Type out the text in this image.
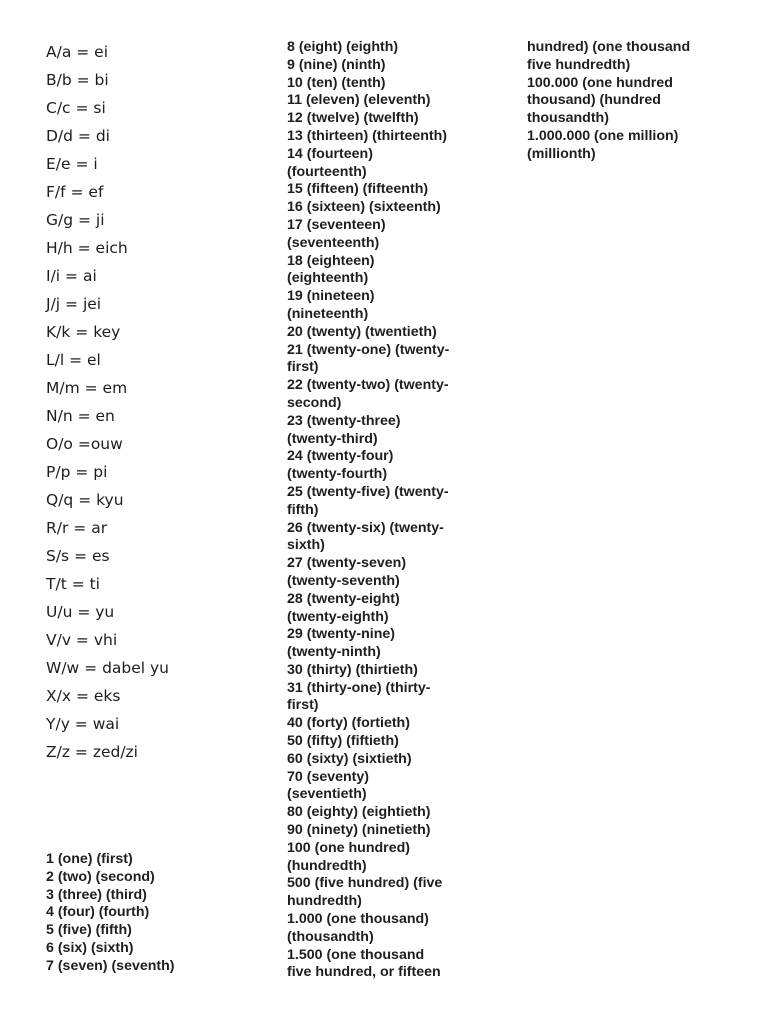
A/a = ei
B/b = bi
C/c = si
D/d = di
E/e = i
F/f = ef
G/g = ji
H/h = eich
I/i = ai
J/j = jei
K/k = key
L/l = el
M/m = em
N/n = en
O/o =ouw
P/p = pi
Q/q = kyu
R/r = ar
S/s = es
T/t = ti
U/u = yu
V/v = vhi
W/w = dabel yu
X/x = eks
Y/y = wai
Z/z = zed/zi
1 (one) (first)
2 (two) (second)
3 (three) (third)
4 (four) (fourth)
5 (five) (fifth)
6 (six) (sixth)
7 (seven) (seventh)
8 (eight) (eighth)
9 (nine) (ninth)
10 (ten) (tenth)
11 (eleven) (eleventh)
12 (twelve) (twelfth)
13 (thirteen) (thirteenth)
14 (fourteen)
(fourteenth)
15 (fifteen) (fifteenth)
16 (sixteen) (sixteenth)
17 (seventeen)
(seventeenth)
18 (eighteen)
(eighteenth)
19 (nineteen)
(nineteenth)
20 (twenty) (twentieth)
21 (twenty-one) (twenty-
first)
22 (twenty-two) (twenty-
second)
23 (twenty-three)
(twenty-third)
24 (twenty-four)
(twenty-fourth)
25 (twenty-five) (twenty-
fifth)
26 (twenty-six) (twenty-
sixth)
27 (twenty-seven)
(twenty-seventh)
28 (twenty-eight)
(twenty-eighth)
29 (twenty-nine)
(twenty-ninth)
30 (thirty) (thirtieth)
31 (thirty-one) (thirty-
first)
40 (forty) (fortieth)
50 (fifty) (fiftieth)
60 (sixty) (sixtieth)
70 (seventy)
(seventieth)
80 (eighty) (eightieth)
90 (ninety) (ninetieth)
100 (one hundred)
(hundredth)
500 (five hundred) (five
hundredth)
1.000 (one thousand)
(thousandth)
1.500 (one thousand
five hundred, or fifteen
hundred) (one thousand
five hundredth)
100.000 (one hundred
thousand) (hundred
thousandth)
1.000.000 (one million)
(millionth)
